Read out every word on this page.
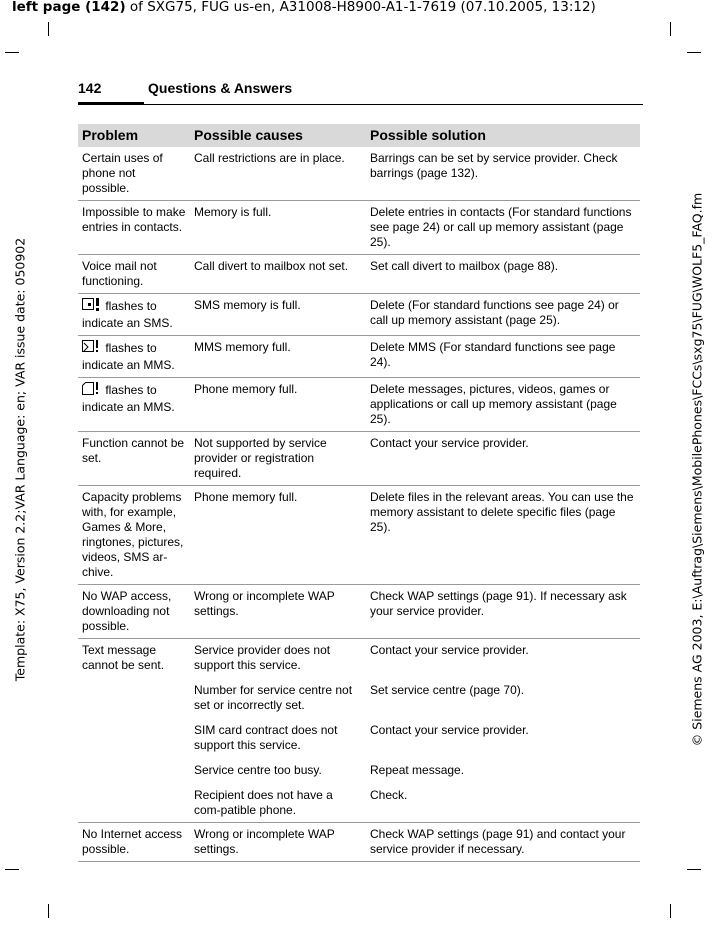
left page (142) of SXG75, FUG us-en, A31008-H8900-A1-1-7619 (07.10.2005, 13:12)
Template: X75, Version 2.2;VAR Language: en; VAR issue date: 050902	© Siemens AG 2003, E:\Auftrag\Siemens\MobilePhones\FCCs\sxg75\FUG\WOLF5_FAQ.fm
142	Questions & Answers
Problem	Possible causes	Possible solution
Certain uses of phone not possible.	Call restrictions are in place.	Barrings can be set by service provider. Check barrings (page 132).
Impossible to make entries in contacts.	Memory is full.	Delete entries in contacts (For standard functions see page 24) or call up memory assistant (page 25).
Voice mail not functioning.	Call divert to mailbox not set.	Set call divert to mailbox (page 88).
flashes to indicate an SMS.	SMS memory is full.	Delete (For standard functions see page 24) or call up memory assistant (page 25).
flashes to indicate an MMS.	MMS memory full.	Delete MMS (For standard functions see page 24).
flashes to indicate an MMS.	Phone memory full.	Delete messages, pictures, videos, games or applications or call up memory assistant (page 25).
Function cannot be set.	Not supported by service provider or registration required.	Contact your service provider.
Capacity problems with, for example, Games & More, ringtones, pictures, videos, SMS ar-chive.	Phone memory full.	Delete files in the relevant areas. You can use the memory assistant to delete specific files (page 25).
No WAP access, downloading not possible.	Wrong or incomplete WAP settings.	Check WAP settings (page 91). If necessary ask your service provider.
Text message cannot be sent.	Service provider does not support this service.	Contact your service provider.
	Number for service centre not set or incorrectly set.	Set service centre (page 70).
	SIM card contract does not support this service.	Contact your service provider.
	Service centre too busy.	Repeat message.
	Recipient does not have a com-patible phone.	Check.
No Internet access possible.	Wrong or incomplete WAP settings.	Check WAP settings (page 91) and contact your service provider if necessary.
